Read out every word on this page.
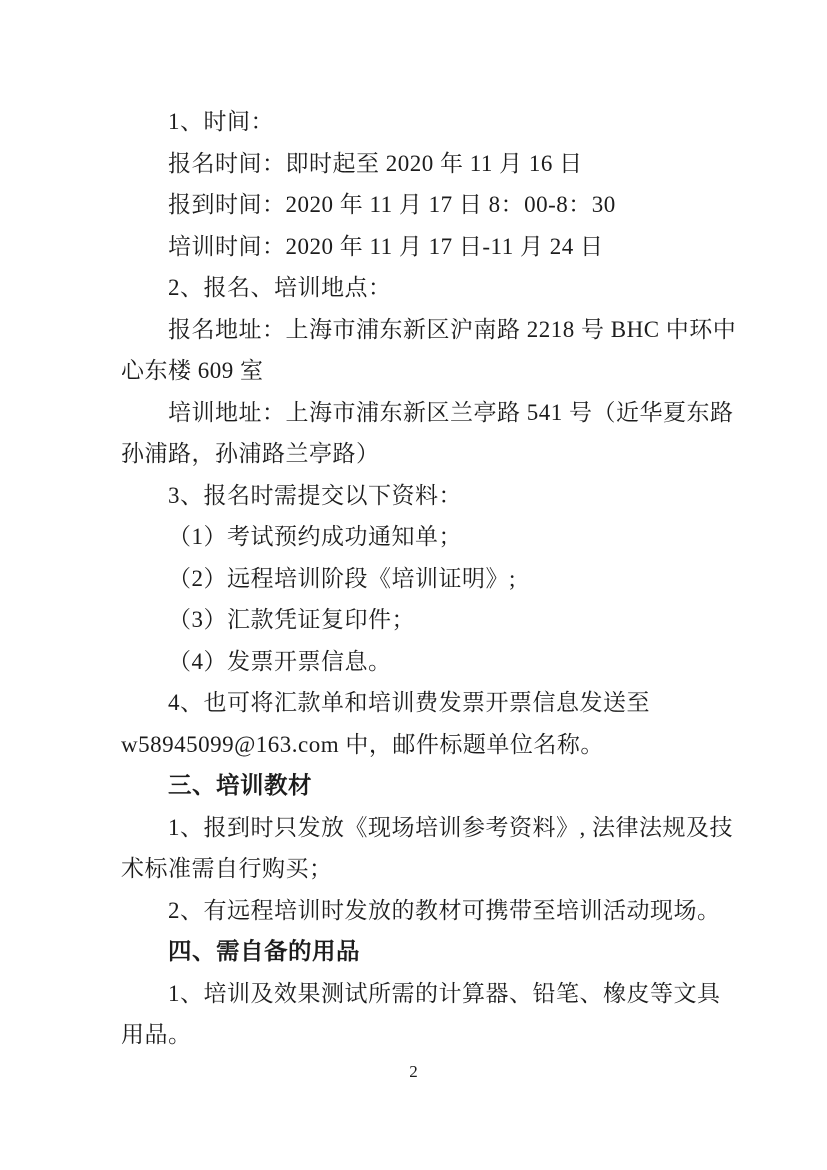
1、时间：
报名时间：即时起至 2020 年 11 月 16 日
报到时间：2020 年 11 月 17 日 8：00-8：30
培训时间：2020 年 11 月 17 日-11 月 24 日
2、报名、培训地点：
报名地址：上海市浦东新区沪南路 2218 号 BHC 中环中
心东楼 609 室
培训地址：上海市浦东新区兰亭路 541 号（近华夏东路
孙浦路，孙浦路兰亭路）
3、报名时需提交以下资料：
（1）考试预约成功通知单；
（2）远程培训阶段《培训证明》;
（3）汇款凭证复印件；
（4）发票开票信息。
4、也可将汇款单和培训费发票开票信息发送至
w58945099@163.com 中，邮件标题单位名称。
三、培训教材
1、报到时只发放《现场培训参考资料》, 法律法规及技
术标准需自行购买；
2、有远程培训时发放的教材可携带至培训活动现场。
四、需自备的用品
1、培训及效果测试所需的计算器、铅笔、橡皮等文具
用品。
2
